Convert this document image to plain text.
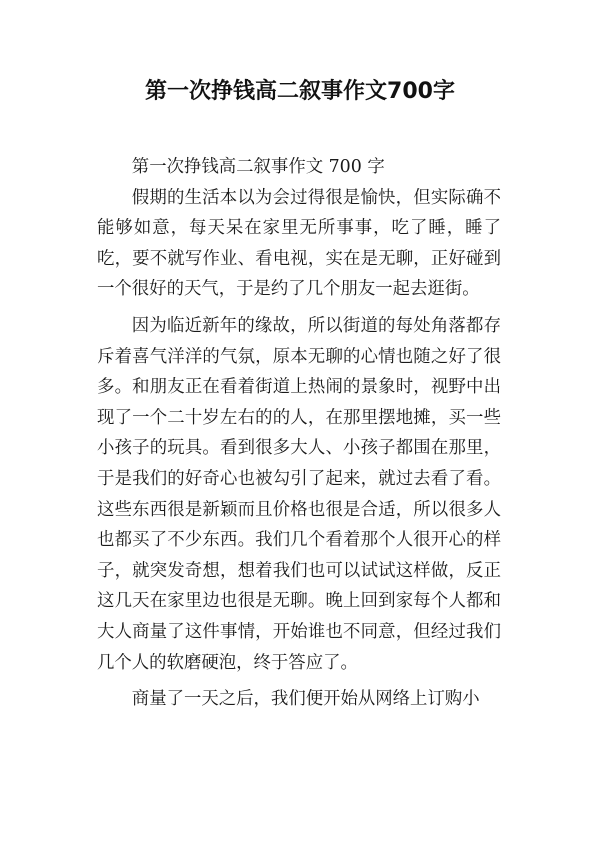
第一次挣钱高二叙事作文700字

第一次挣钱高二叙事作文 700 字

假期的生活本以为会过得很是愉快，但实际确不能够如意，每天呆在家里无所事事，吃了睡，睡了吃，要不就写作业、看电视，实在是无聊，正好碰到一个很好的天气，于是约了几个朋友一起去逛街。

因为临近新年的缘故，所以街道的每处角落都存斥着喜气洋洋的气氛，原本无聊的心情也随之好了很多。和朋友正在看着街道上热闹的景象时，视野中出现了一个二十岁左右的的人，在那里摆地摊，买一些小孩子的玩具。看到很多大人、小孩子都围在那里，于是我们的好奇心也被勾引了起来，就过去看了看。这些东西很是新颖而且价格也很是合适，所以很多人也都买了不少东西。我们几个看着那个人很开心的样子，就突发奇想，想着我们也可以试试这样做，反正这几天在家里边也很是无聊。晚上回到家每个人都和大人商量了这件事情，开始谁也不同意，但经过我们几个人的软磨硬泡，终于答应了。

商量了一天之后，我们便开始从网络上订购小
